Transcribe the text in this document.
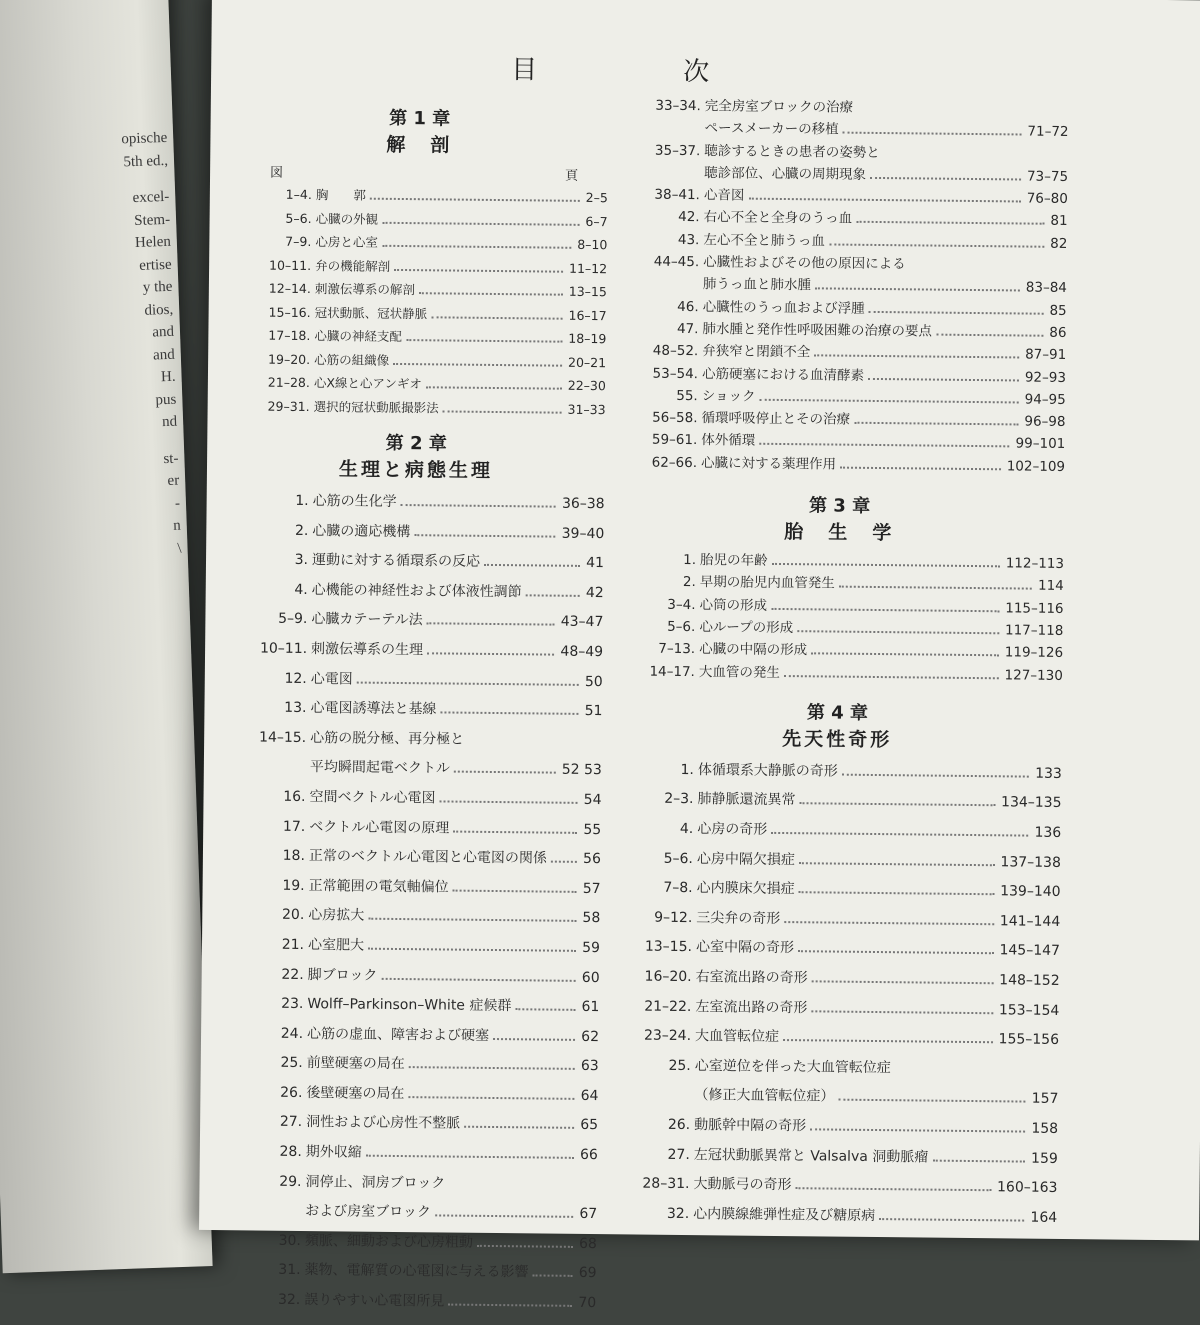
opische
5th ed.,
excel-
Stem-
Helen
ertise
y the
dios,
and
and
H.
pus
nd
st-
er
-
n
\
目	次
第 1 章
解　剖
図	頁
1–4. 胸　　郭	2–5
5–6. 心臓の外観	6–7
7–9. 心房と心室	8–10
10–11. 弁の機能解剖	11–12
12–14. 刺激伝導系の解剖	13–15
15–16. 冠状動脈、冠状静脈	16–17
17–18. 心臓の神経支配	18–19
19–20. 心筋の組織像	20–21
21–28. 心X線と心アンギオ	22–30
29–31. 選択的冠状動脈撮影法	31–33
第 2 章
生理と病態生理
1. 心筋の生化学	36–38
2. 心臓の適応機構	39–40
3. 運動に対する循環系の反応	41
4. 心機能の神経性および体液性調節	42
5–9. 心臓カテーテル法	43–47
10–11. 刺激伝導系の生理	48–49
12. 心電図	50
13. 心電図誘導法と基線	51
14–15. 心筋の脱分極、再分極と
平均瞬間起電ベクトル	52 53
16. 空間ベクトル心電図	54
17. ベクトル心電図の原理	55
18. 正常のベクトル心電図と心電図の関係	56
19. 正常範囲の電気軸偏位	57
20. 心房拡大	58
21. 心室肥大	59
22. 脚ブロック	60
23. Wolff–Parkinson–White 症候群	61
24. 心筋の虚血、障害および硬塞	62
25. 前壁硬塞の局在	63
26. 後壁硬塞の局在	64
27. 洞性および心房性不整脈	65
28. 期外収縮	66
29. 洞停止、洞房ブロック
および房室ブロック	67
30. 頻脈、細動および心房粗動	68
31. 薬物、電解質の心電図に与える影響	69
32. 誤りやすい心電図所見	70
33–34. 完全房室ブロックの治療
ペースメーカーの移植	71–72
35–37. 聴診するときの患者の姿勢と
聴診部位、心臓の周期現象	73–75
38–41. 心音図	76–80
42. 右心不全と全身のうっ血	81
43. 左心不全と肺うっ血	82
44–45. 心臓性およびその他の原因による
肺うっ血と肺水腫	83–84
46. 心臓性のうっ血および浮腫	85
47. 肺水腫と発作性呼吸困難の治療の要点	86
48–52. 弁狭窄と閉鎖不全	87–91
53–54. 心筋硬塞における血清酵素	92–93
55. ショック	94–95
56–58. 循環呼吸停止とその治療	96–98
59–61. 体外循環	99–101
62–66. 心臓に対する薬理作用	102–109
第 3 章
胎　生　学
1. 胎児の年齢	112–113
2. 早期の胎児内血管発生	114
3–4. 心筒の形成	115–116
5–6. 心ループの形成	117–118
7–13. 心臓の中隔の形成	119–126
14–17. 大血管の発生	127–130
第 4 章
先天性奇形
1. 体循環系大静脈の奇形	133
2–3. 肺静脈還流異常	134–135
4. 心房の奇形	136
5–6. 心房中隔欠損症	137–138
7–8. 心内膜床欠損症	139–140
9–12. 三尖弁の奇形	141–144
13–15. 心室中隔の奇形	145–147
16–20. 右室流出路の奇形	148–152
21–22. 左室流出路の奇形	153–154
23–24. 大血管転位症	155–156
25. 心室逆位を伴った大血管転位症
（修正大血管転位症）	157
26. 動脈幹中隔の奇形	158
27. 左冠状動脈異常と Valsalva 洞動脈瘤	159
28–31. 大動脈弓の奇形	160–163
32. 心内膜線維弾性症及び糖原病	164
